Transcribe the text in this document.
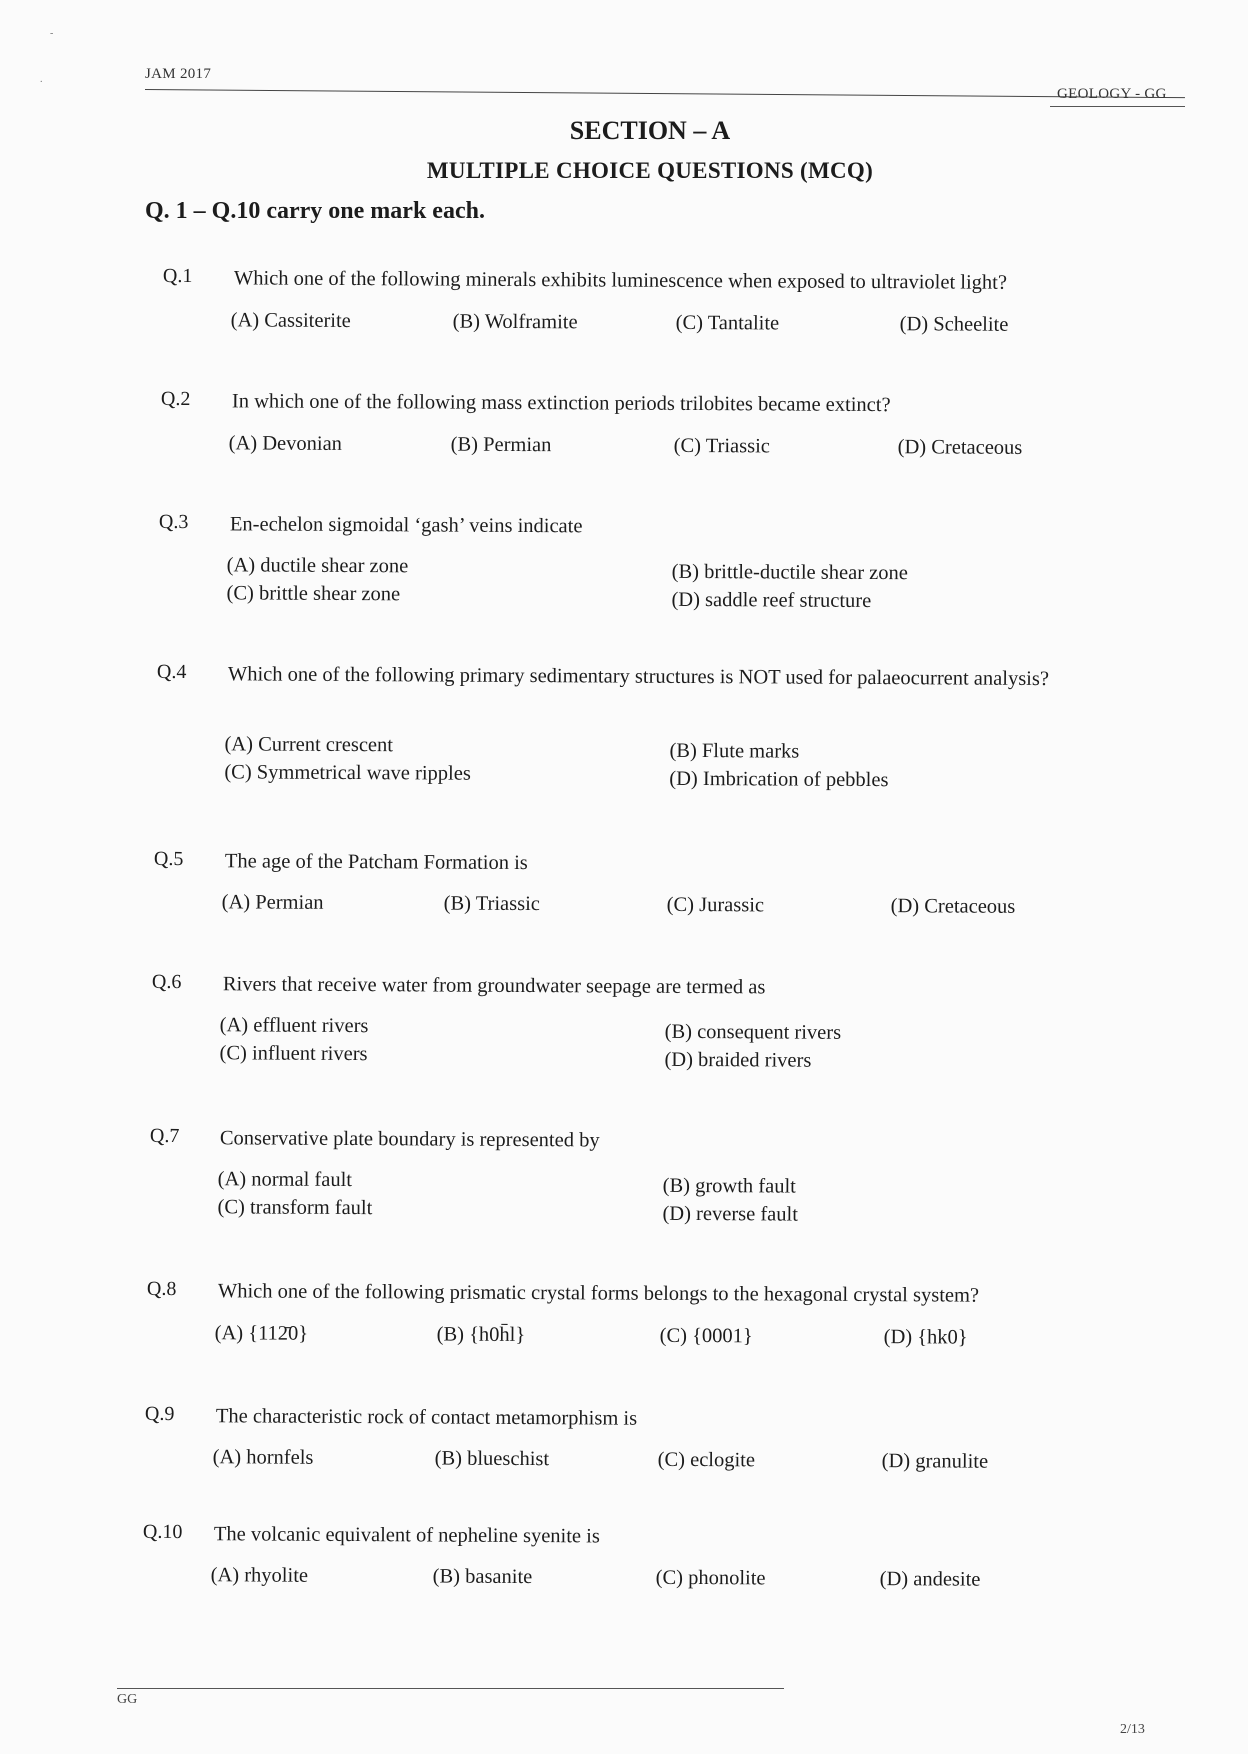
-
.	JAM 2017
GEOLOGY - GG
SECTION – A
MULTIPLE CHOICE QUESTIONS (MCQ)
Q. 1 – Q.10 carry one mark each.
Q.1 Which one of the following minerals exhibits luminescence when exposed to ultraviolet light?
(A) Cassiterite	(B) Wolframite	(C) Tantalite	(D) Scheelite
Q.2 In which one of the following mass extinction periods trilobites became extinct?
(A) Devonian	(B) Permian	(C) Triassic	(D) Cretaceous
Q.3 En-echelon sigmoidal ‘gash’ veins indicate
(A) ductile shear zone	(B) brittle-ductile shear zone
(C) brittle shear zone	(D) saddle reef structure
Q.4 Which one of the following primary sedimentary structures is NOT used for palaeocurrent analysis?
(A) Current crescent	(B) Flute marks
(C) Symmetrical wave ripples	(D) Imbrication of pebbles
Q.5 The age of the Patcham Formation is
(A) Permian	(B) Triassic	(C) Jurassic	(D) Cretaceous
Q.6 Rivers that receive water from groundwater seepage are termed as
(A) effluent rivers	(B) consequent rivers
(C) influent rivers	(D) braided rivers
Q.7 Conservative plate boundary is represented by
(A) normal fault	(B) growth fault
(C) transform fault	(D) reverse fault
Q.8 Which one of the following prismatic crystal forms belongs to the hexagonal crystal system?
(A) {112̄0}	(B) {h0h̄l}	(C) {0001}	(D) {hk0}
Q.9 The characteristic rock of contact metamorphism is
(A) hornfels	(B) blueschist	(C) eclogite	(D) granulite
Q.10 The volcanic equivalent of nepheline syenite is
(A) rhyolite	(B) basanite	(C) phonolite	(D) andesite
GG
2/13
